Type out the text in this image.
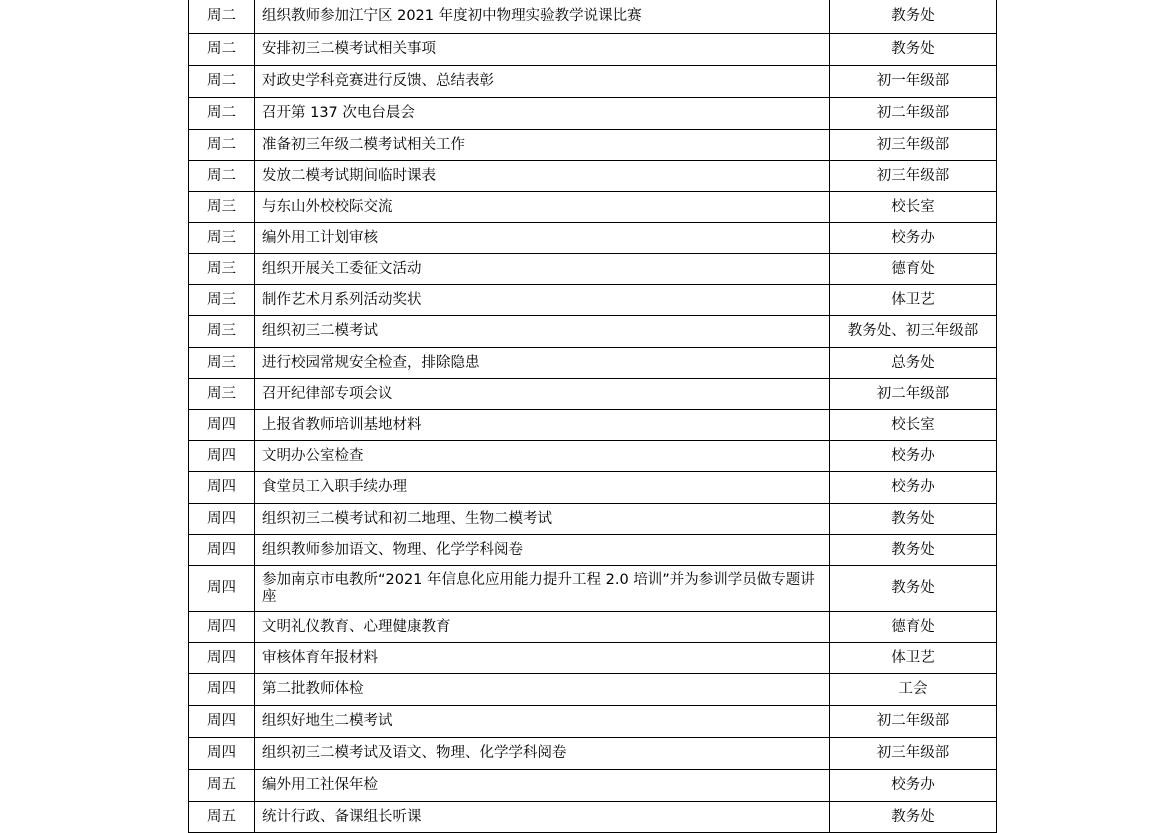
周二	组织教师参加江宁区 2021 年度初中物理实验教学说课比赛	教务处
周二	安排初三二模考试相关事项	教务处
周二	对政史学科竞赛进行反馈、总结表彰	初一年级部
周二	召开第 137 次电台晨会	初二年级部
周二	准备初三年级二模考试相关工作	初三年级部
周二	发放二模考试期间临时课表	初三年级部
周三	与东山外校校际交流	校长室
周三	编外用工计划审核	校务办
周三	组织开展关工委征文活动	德育处
周三	制作艺术月系列活动奖状	体卫艺
周三	组织初三二模考试	教务处、初三年级部
周三	进行校园常规安全检查，排除隐患	总务处
周三	召开纪律部专项会议	初二年级部
周四	上报省教师培训基地材料	校长室
周四	文明办公室检查	校务办
周四	食堂员工入职手续办理	校务办
周四	组织初三二模考试和初二地理、生物二模考试	教务处
周四	组织教师参加语文、物理、化学学科阅卷	教务处
周四	参加南京市电教所“2021 年信息化应用能力提升工程 2.0 培训”并为参训学员做专题讲座	教务处
周四	文明礼仪教育、心理健康教育	德育处
周四	审核体育年报材料	体卫艺
周四	第二批教师体检	工会
周四	组织好地生二模考试	初二年级部
周四	组织初三二模考试及语文、物理、化学学科阅卷	初三年级部
周五	编外用工社保年检	校务办
周五	统计行政、备课组长听课	教务处
